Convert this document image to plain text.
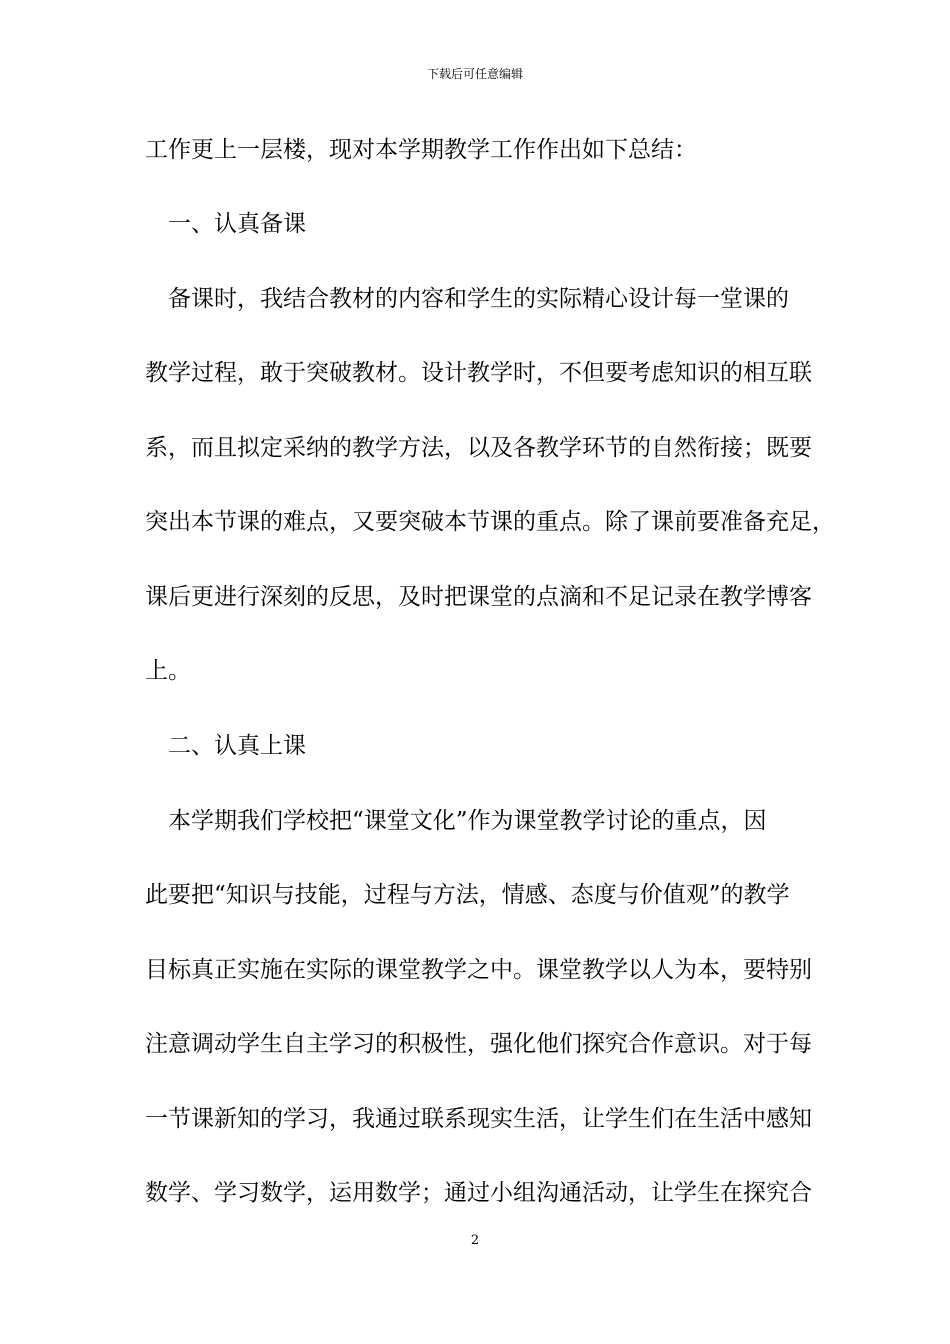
下载后可任意编辑
工作更上一层楼，现对本学期教学工作作出如下总结：
　一、认真备课
　备课时，我结合教材的内容和学生的实际精心设计每一堂课的
教学过程，敢于突破教材。设计教学时，不但要考虑知识的相互联
系，而且拟定采纳的教学方法，以及各教学环节的自然衔接；既要
突出本节课的难点，又要突破本节课的重点。除了课前要准备充足，
课后更进行深刻的反思，及时把课堂的点滴和不足记录在教学博客
上。
　二、认真上课
　本学期我们学校把“课堂文化”作为课堂教学讨论的重点，因
此要把“知识与技能，过程与方法，情感、态度与价值观”的教学
目标真正实施在实际的课堂教学之中。课堂教学以人为本，要特别
注意调动学生自主学习的积极性，强化他们探究合作意识。对于每
一节课新知的学习，我通过联系现实生活，让学生们在生活中感知
数学、学习数学，运用数学；通过小组沟通活动，让学生在探究合
2
